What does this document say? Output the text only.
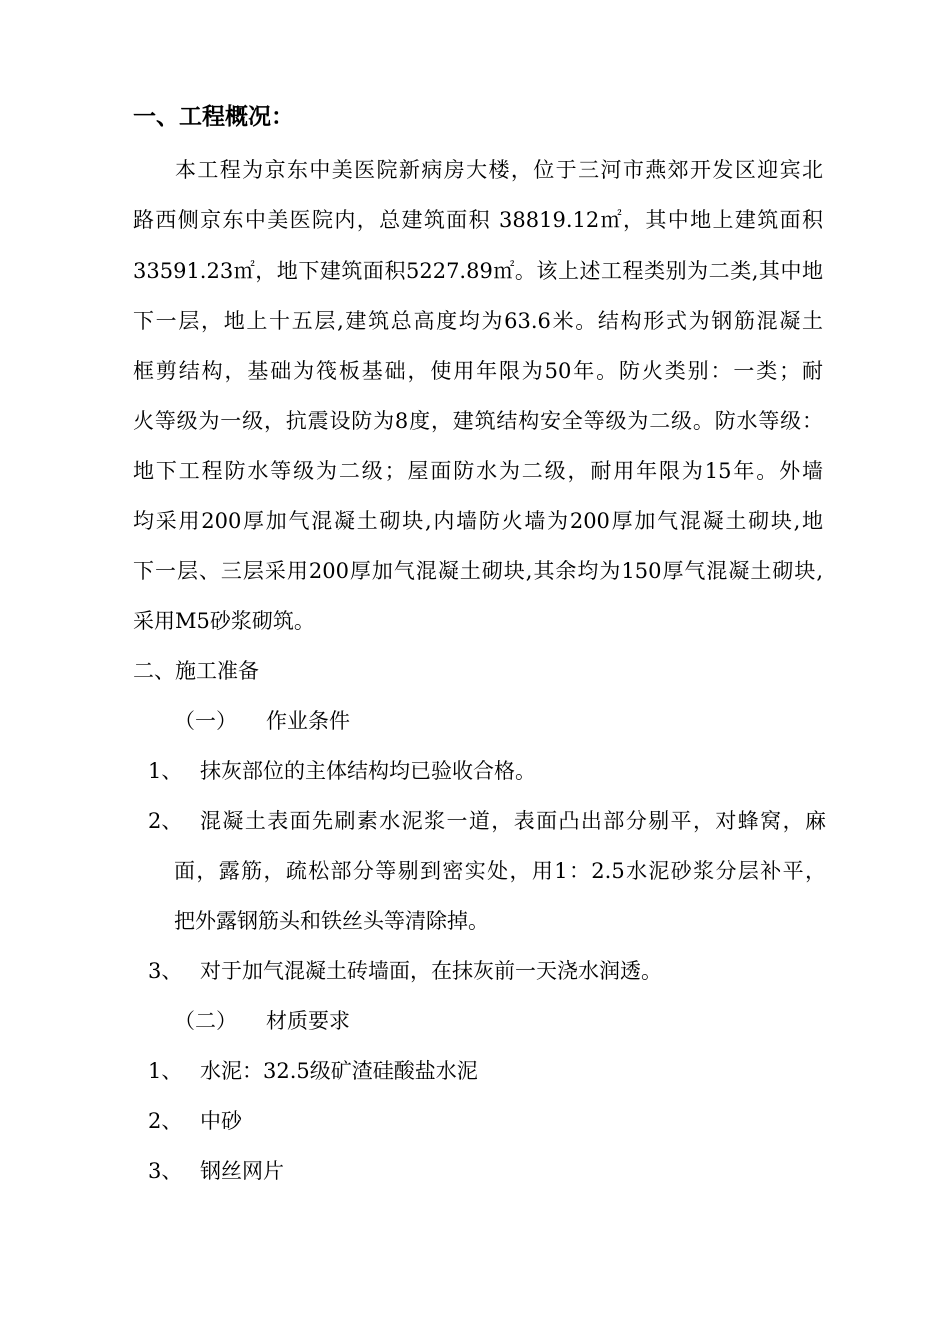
一、工程概况：
本工程为京东中美医院新病房大楼，位于三河市燕郊开发区迎宾北
路西侧京东中美医院内，总建筑面积 38819.12㎡，其中地上建筑面积
33591.23㎡，地下建筑面积5227.89㎡。该上述工程类别为二类,其中地
下一层，地上十五层,建筑总高度均为63.6米。结构形式为钢筋混凝土
框剪结构，基础为筏板基础，使用年限为50年。防火类别：一类；耐
火等级为一级，抗震设防为8度，建筑结构安全等级为二级。防水等级：
地下工程防水等级为二级；屋面防水为二级，耐用年限为15年。外墙
均采用200厚加气混凝土砌块,内墙防火墙为200厚加气混凝土砌块,地
下一层、三层采用200厚加气混凝土砌块,其余均为150厚气混凝土砌块,
采用M5砂浆砌筑。
二、施工准备
（一） 作业条件
1、 抹灰部位的主体结构均已验收合格。
2、 混凝土表面先刷素水泥浆一道，表面凸出部分剔平，对蜂窝，麻
面，露筋，疏松部分等剔到密实处，用1：2.5水泥砂浆分层补平，
把外露钢筋头和铁丝头等清除掉。
3、 对于加气混凝土砖墙面，在抹灰前一天浇水润透。
（二） 材质要求
1、 水泥：32.5级矿渣硅酸盐水泥
2、 中砂
3、 钢丝网片
